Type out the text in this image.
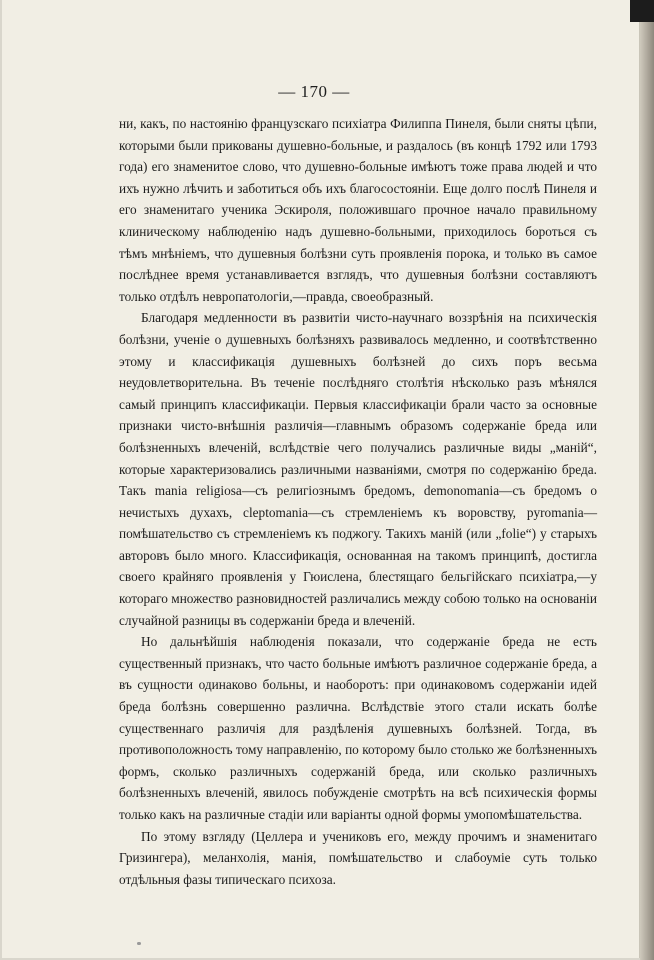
— 170 —

ни, какъ, по настоянію французскаго психіатра Филиппа Пинеля, были сняты цѣпи, которыми были прикованы душевно-больные, и раздалось (въ концѣ 1792 или 1793 года) его знаменитое слово, что душевно-больные имѣютъ тоже права людей и что ихъ нужно лѣчить и заботиться объ ихъ благосостояніи. Еще долго послѣ Пинеля и его знаменитаго ученика Эскироля, положившаго прочное начало правильному клиническому наблюденію надъ душевно-больными, приходилось бороться съ тѣмъ мнѣніемъ, что душевныя болѣзни суть проявленія порока, и только въ самое послѣднее время устанавливается взглядъ, что душевныя болѣзни составляютъ только отдѣлъ невропатологіи,—правда, своеобразный.

Благодаря медленности въ развитіи чисто-научнаго воззрѣнія на психическія болѣзни, ученіе о душевныхъ болѣзняхъ развивалось медленно, и соотвѣтственно этому и классификація душевныхъ болѣзней до сихъ поръ весьма неудовлетворительна. Въ теченіе послѣдняго столѣтія нѣсколько разъ мѣнялся самый принципъ классификаціи. Первыя классификаціи брали часто за основные признаки чисто-внѣшнія различія—главнымъ образомъ содержаніе бреда или болѣзненныхъ влеченій, вслѣдствіе чего получались различные виды „маній“, которые характеризовались различными названіями, смотря по содержанію бреда. Такъ mania religiosa—съ религіознымъ бредомъ, demonomania—съ бредомъ о нечистыхъ духахъ, cleptomania—съ стремленіемъ къ воровству, pyromania—помѣшательство съ стремленіемъ къ поджогу. Такихъ маній (или „folie“) у старыхъ авторовъ было много. Классификація, основанная на такомъ принципѣ, достигла своего крайняго проявленія у Гюислена, блестящаго бельгійскаго психіатра,—у котораго множество разновидностей различались между собою только на основаніи случайной разницы въ содержаніи бреда и влеченій.

Но дальнѣйшія наблюденія показали, что содержаніе бреда не есть существенный признакъ, что часто больные имѣютъ различное содержаніе бреда, а въ сущности одинаково больны, и наоборотъ: при одинаковомъ содержаніи идей бреда болѣзнь совершенно различна. Вслѣдствіе этого стали искать болѣе существеннаго различія для раздѣленія душевныхъ болѣзней. Тогда, въ противоположность тому направленію, по которому было столько же болѣзненныхъ формъ, сколько различныхъ содержаній бреда, или сколько различныхъ болѣзненныхъ влеченій, явилось побужденіе смотрѣть на всѣ психическія формы только какъ на различные стадіи или варіанты одной формы умопомѣшательства.

По этому взгляду (Целлера и учениковъ его, между прочимъ и знаменитаго Гризингера), меланхолія, манія, помѣшательство и слабоуміе суть только отдѣльныя фазы типическаго психоза.
